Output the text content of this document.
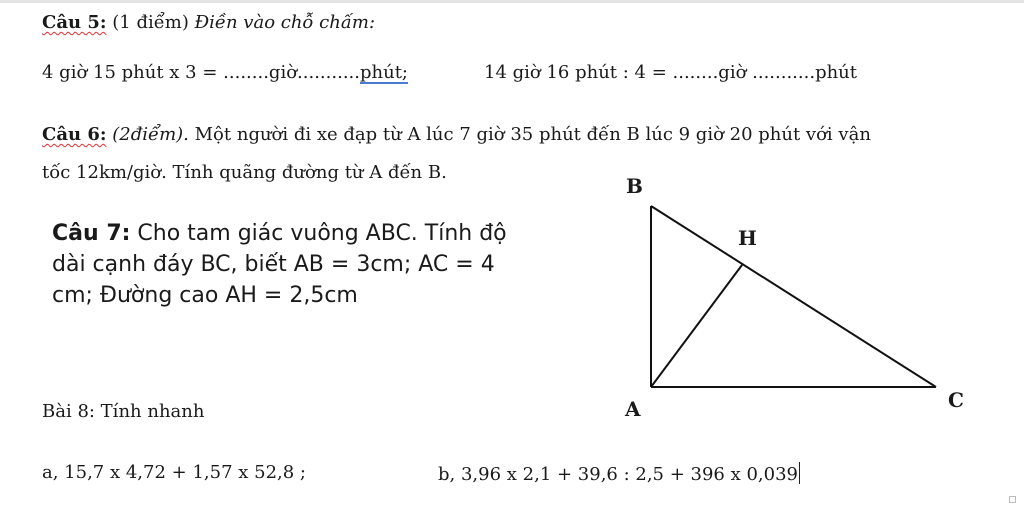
Câu 5: (1 điểm) Điền vào chỗ chấm:
4 giờ 15 phút x 3 = ........giờ...........phút;	14 giờ 16 phút : 4 = ........giờ ...........phút
Câu 6: (2điểm). Một người đi xe đạp từ A lúc 7 giờ 35 phút đến B lúc 9 giờ 20 phút với vận
tốc 12km/giờ. Tính quãng đường từ A đến B.
Câu 7: Cho tam giác vuông ABC. Tính độ
dài cạnh đáy BC, biết AB = 3cm; AC = 4
cm; Đường cao AH = 2,5cm
B
H
A	C
Bài 8: Tính nhanh
a, 15,7 x 4,72 + 1,57 x 52,8 ;	b, 3,96 x 2,1 + 39,6 : 2,5 + 396 x 0,039
